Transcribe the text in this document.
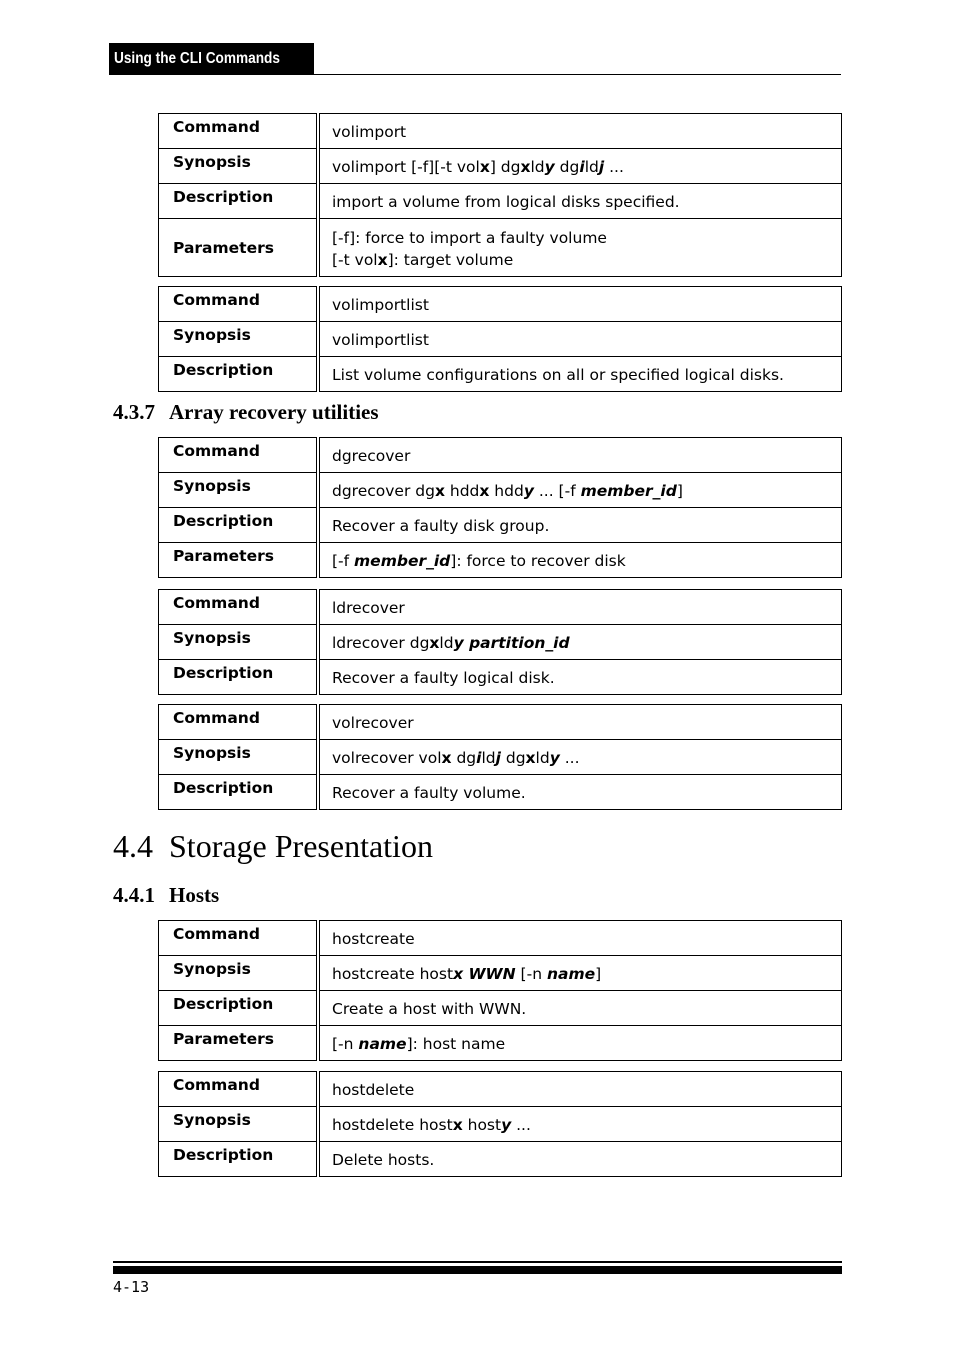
Using the CLI Commands
Command	volimport
Synopsis	volimport [-f][-t volx] dgxldy dgildj ...
Description	import a volume from logical disks specified.
Parameters	[-f]: force to import a faulty volume
[-t volx]: target volume
Command	volimportlist
Synopsis	volimportlist
Description	List volume configurations on all or specified logical disks.
4.3.7 Array recovery utilities
Command	dgrecover
Synopsis	dgrecover dgx hddx hddy ... [-f member_id]
Description	Recover a faulty disk group.
Parameters	[-f member_id]: force to recover disk
Command	ldrecover
Synopsis	ldrecover dgxldy partition_id
Description	Recover a faulty logical disk.
Command	volrecover
Synopsis	volrecover volx dgildj dgxldy ...
Description	Recover a faulty volume.
4.4 Storage Presentation
4.4.1 Hosts
Command	hostcreate
Synopsis	hostcreate hostx WWN [-n name]
Description	Create a host with WWN.
Parameters	[-n name]: host name
Command	hostdelete
Synopsis	hostdelete hostx hosty ...
Description	Delete hosts.
4-13
